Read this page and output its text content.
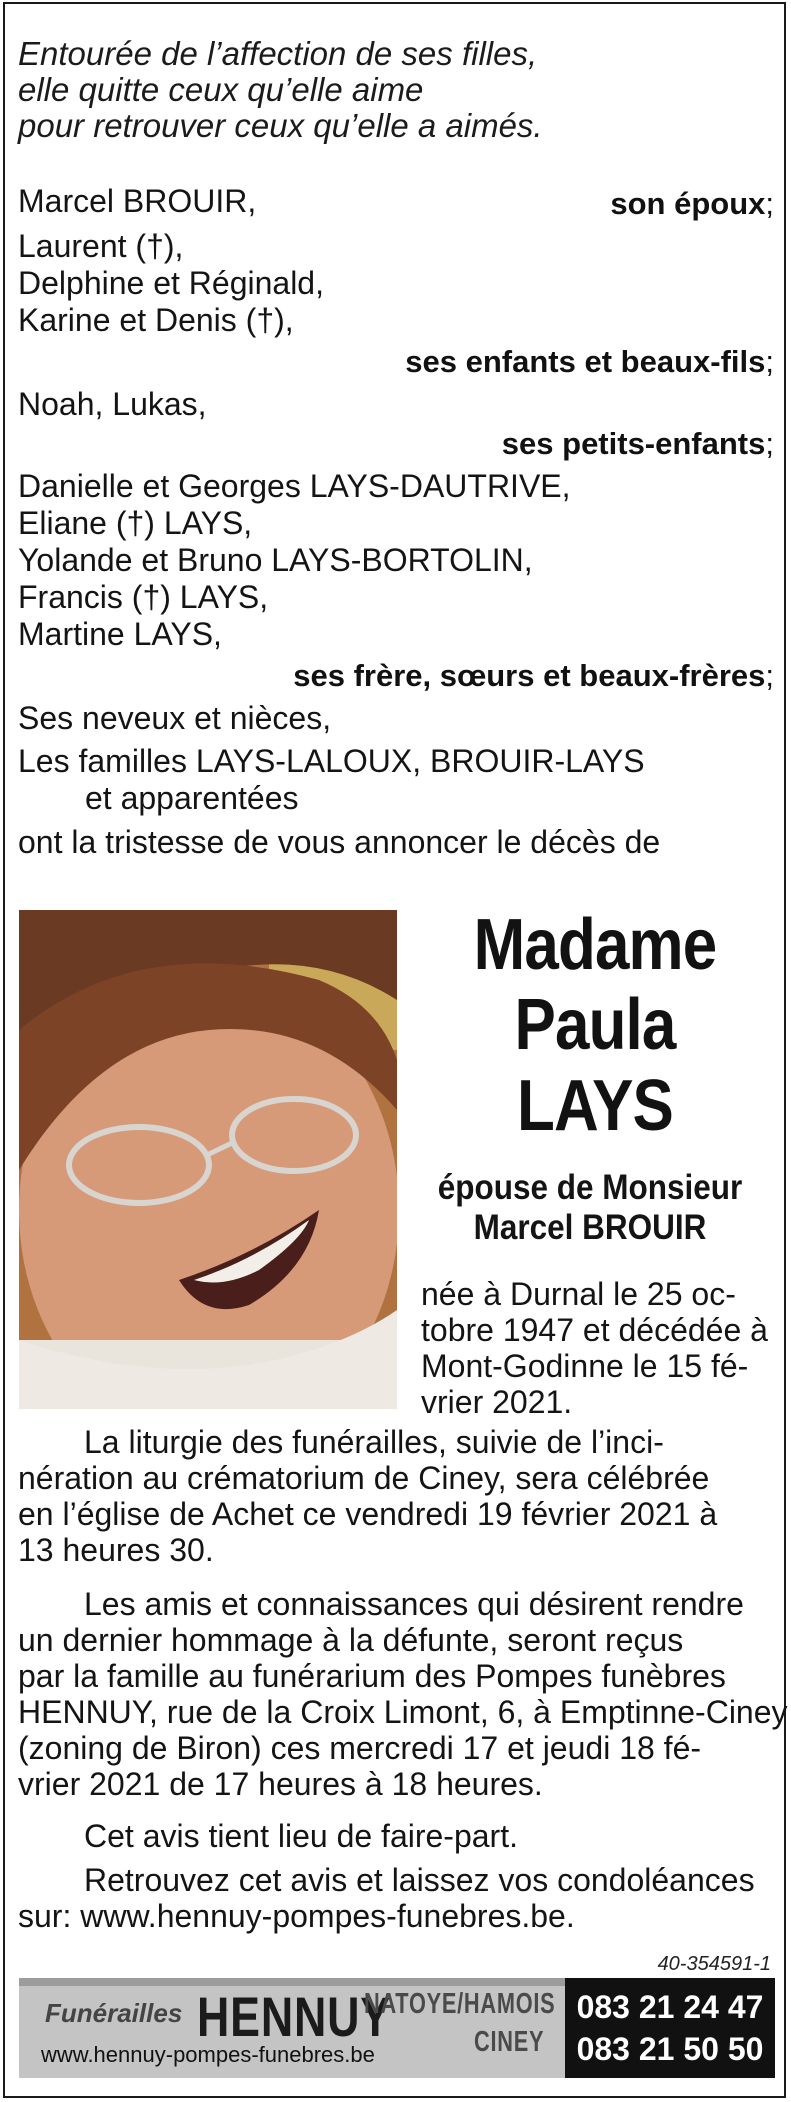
Entourée de l’affection de ses filles,
elle quitte ceux qu’elle aime
pour retrouver ceux qu’elle a aimés.
Marcel BROUIR,	son époux;
Laurent (†),
Delphine et Réginald,
Karine et Denis (†),
ses enfants et beaux-fils;
Noah, Lukas,
ses petits-enfants;
Danielle et Georges LAYS-DAUTRIVE,
Eliane (†) LAYS,
Yolande et Bruno LAYS-BORTOLIN,
Francis (†) LAYS,
Martine LAYS,
ses frère, sœurs et beaux-frères;
Ses neveux et nièces,
Les familles LAYS-LALOUX, BROUIR-LAYS
et apparentées
ont la tristesse de vous annoncer le décès de
Madame
Paula
LAYS
épouse de Monsieur
Marcel BROUIR
née à Durnal le 25 oc-
tobre 1947 et décédée à
Mont-Godinne le 15 fé-
vrier 2021.
La liturgie des funérailles, suivie de l’inci-
nération au crématorium de Ciney, sera célébrée
en l’église de Achet ce vendredi 19 février 2021 à
13 heures 30.
Les amis et connaissances qui désirent rendre
un dernier hommage à la défunte, seront reçus
par la famille au funérarium des Pompes funèbres
HENNUY, rue de la Croix Limont, 6, à Emptinne-Ciney
(zoning de Biron) ces mercredi 17 et jeudi 18 fé-
vrier 2021 de 17 heures à 18 heures.
Cet avis tient lieu de faire-part.
Retrouvez cet avis et laissez vos condoléances
sur: www.hennuy-pompes-funebres.be.
40-354591-1
Funérailles HENNUY
NATOYE/HAMOIS
CINEY
www.hennuy-pompes-funebres.be
083 21 24 47
083 21 50 50
